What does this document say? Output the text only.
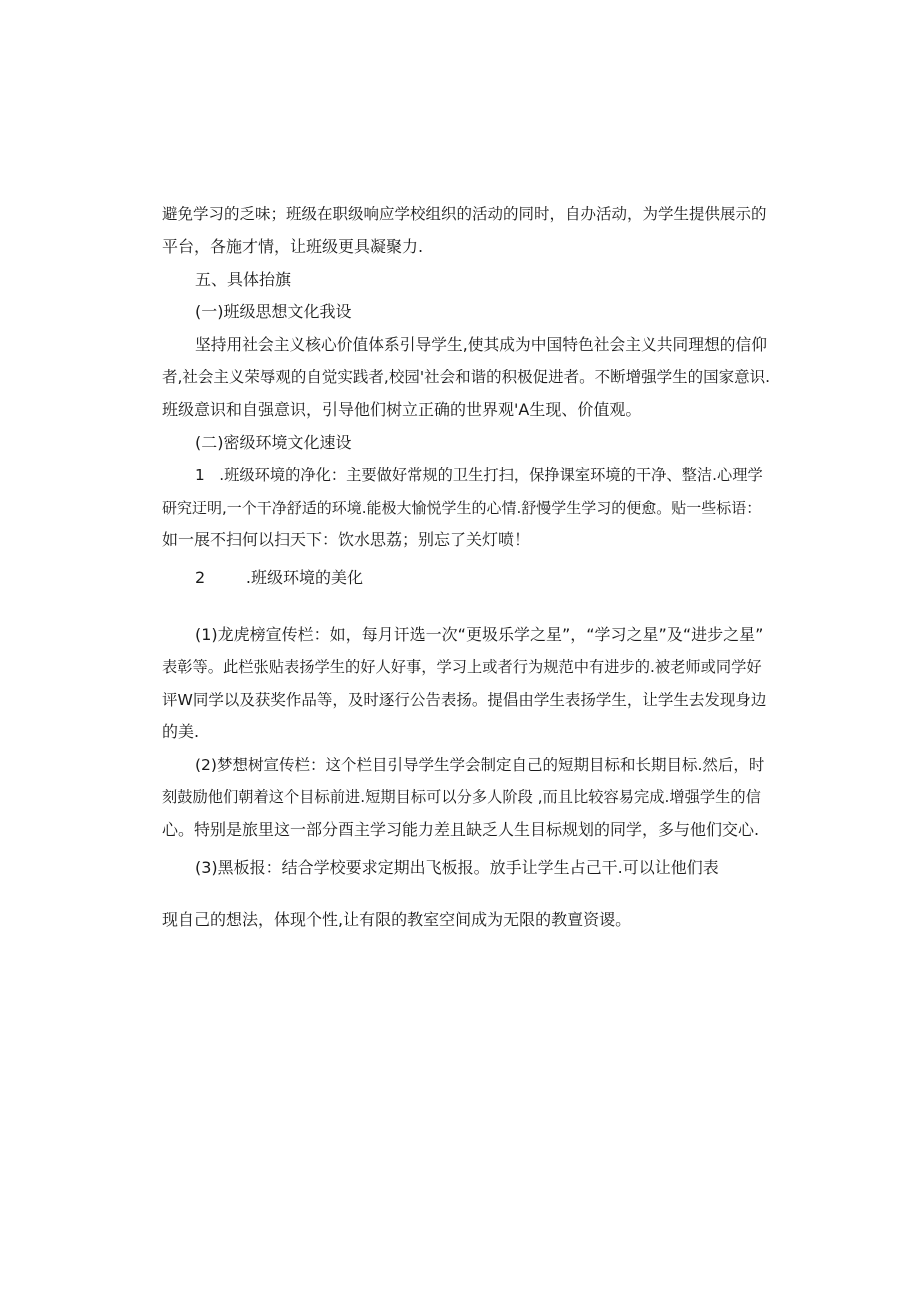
避免学习的乏味；班级在职级响应学校组织的活动的同时，自办活动，为学生提供展示的
平台，各施才情，让班级更具凝聚力.
五、具体抬旗
(一)班级思想文化我设
坚持用社会主义核心价值体系引导学生,使其成为中国特色社会主义共同理想的信仰
者,社会主义荣辱观的自觉实践者,校园'社会和谐的积极促进者。不断增强学生的国家意识.
班级意识和自强意识，引导他们树立正确的世界观'A生现、价值观。
(二)密级环境文化速设
1   .班级环境的净化：主要做好常规的卫生打扫，保挣课室环境的干净、整洁.心理学
研究迂明,一个干净舒适的环境.能极大愉悦学生的心情.舒慢学生学习的便愈。贴一些标语：
如一展不扫何以扫天下：饮水思荔；别忘了关灯喷！
2        .班级环境的美化
(1)龙虎榜宣传栏：如，每月讦选一次“更圾乐学之星”，“学习之星”及“进步之星”
表彰等。此栏张贴表扬学生的好人好事，学习上或者行为规范中有进步的.被老师或同学好
评W同学以及获奖作品等，及时逐行公告表扬。提倡由学生表扬学生，让学生去发现身边
的美.
(2)梦想树宣传栏：这个栏目引导学生学会制定自己的短期目标和长期目标.然后，时
刻鼓励他们朝着这个目标前进.短期目标可以分多人阶段 ,而且比较容易完成.增强学生的信
心。特别是旅里这一部分酉主学习能力差且缺乏人生目标规划的同学，多与他们交心.
(3)黑板报：结合学校要求定期出飞板报。放手让学生占己干.可以让他们表
现自己的想法，体现个性,让有限的教室空间成为无限的教亶资谡。
